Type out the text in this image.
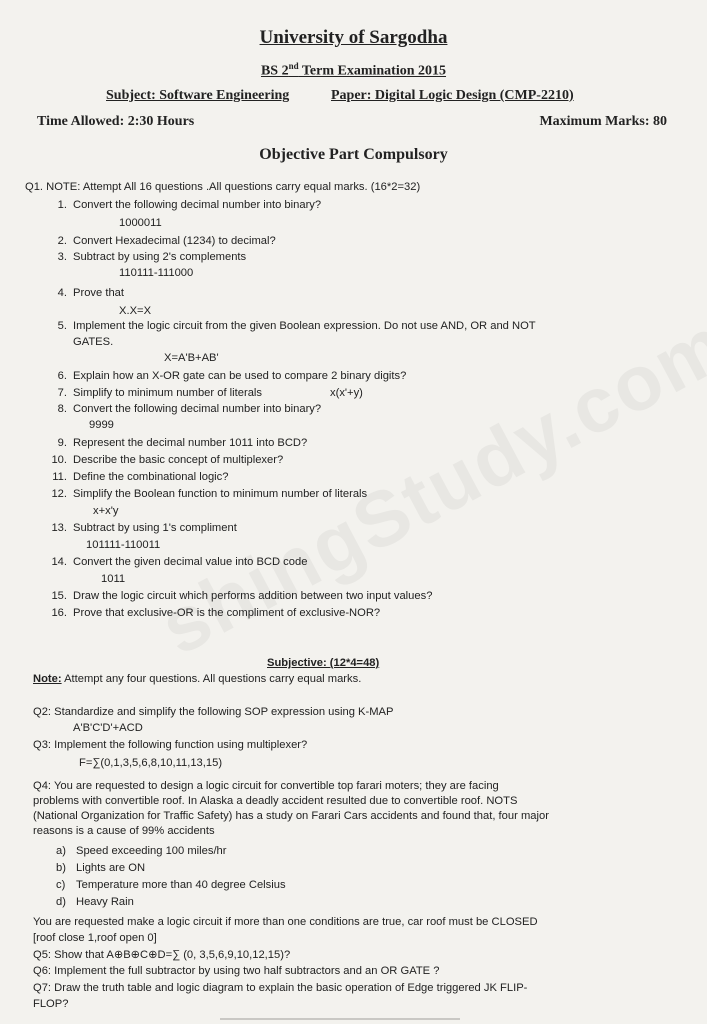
University of Sargodha
BS 2nd Term Examination 2015
Subject: Software Engineering	Paper: Digital Logic Design (CMP-2210)
Time Allowed: 2:30 Hours	Maximum Marks: 80
Objective Part Compulsory
Q1. NOTE: Attempt All 16 questions .All questions carry equal marks. (16*2=32)
1. Convert the following decimal number into binary?
1000011
2. Convert Hexadecimal (1234) to decimal?
3. Subtract by using 2's complements
110111-111000
4. Prove that
X.X=X
5. Implement the logic circuit from the given Boolean expression. Do not use AND, OR and NOT
GATES.
X=A'B+AB'
6. Explain how an X-OR gate can be used to compare 2 binary digits?
7. Simplify to minimum number of literals	x(x'+y)
8. Convert the following decimal number into binary?
9999
9. Represent the decimal number 1011 into BCD?
10. Describe the basic concept of multiplexer?
11. Define the combinational logic?
12. Simplify the Boolean function to minimum number of literals
x+x'y
13. Subtract by using 1's compliment
101111-110011
14. Convert the given decimal value into BCD code
1011
15. Draw the logic circuit which performs addition between two input values?
16. Prove that exclusive-OR is the compliment of exclusive-NOR?
Subjective: (12*4=48)
Note: Attempt any four questions. All questions carry equal marks.
Q2: Standardize and simplify the following SOP expression using K-MAP
A'B'C'D'+ACD
Q3: Implement the following function using multiplexer?
F=∑(0,1,3,5,6,8,10,11,13,15)
Q4: You are requested to design a logic circuit for convertible top farari moters; they are facing
problems with convertible roof. In Alaska a deadly accident resulted due to convertible roof. NOTS
(National Organization for Traffic Safety) has a study on Farari Cars accidents and found that, four major
reasons is a cause of 99% accidents
a) Speed exceeding 100 miles/hr
b) Lights are ON
c) Temperature more than 40 degree Celsius
d) Heavy Rain
You are requested make a logic circuit if more than one conditions are true, car roof must be CLOSED
[roof close 1,roof open 0]
Q5: Show that A⊕B⊕C⊕D=∑ (0, 3,5,6,9,10,12,15)?
Q6: Implement the full subtractor by using two half subtractors and an OR GATE ?
Q7: Draw the truth table and logic diagram to explain the basic operation of Edge triggered JK FLIP-
FLOP?
